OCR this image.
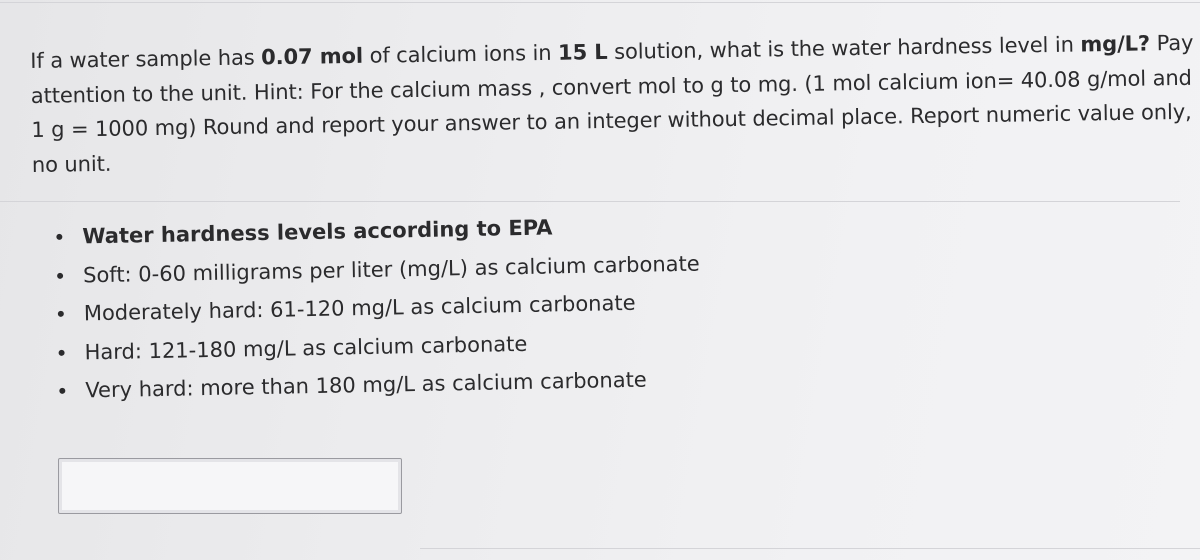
If a water sample has 0.07 mol of calcium ions in 15 L solution, what is the water hardness level in mg/L? Pay attention to the unit. Hint: For the calcium mass , convert mol to g to mg. (1 mol calcium ion= 40.08 g/mol and 1 g = 1000 mg) Round and report your answer to an integer without decimal place. Report numeric value only, no unit.

Water hardness levels according to EPA
Soft: 0-60 milligrams per liter (mg/L) as calcium carbonate
Moderately hard: 61-120 mg/L as calcium carbonate
Hard: 121-180 mg/L as calcium carbonate
Very hard: more than 180 mg/L as calcium carbonate
